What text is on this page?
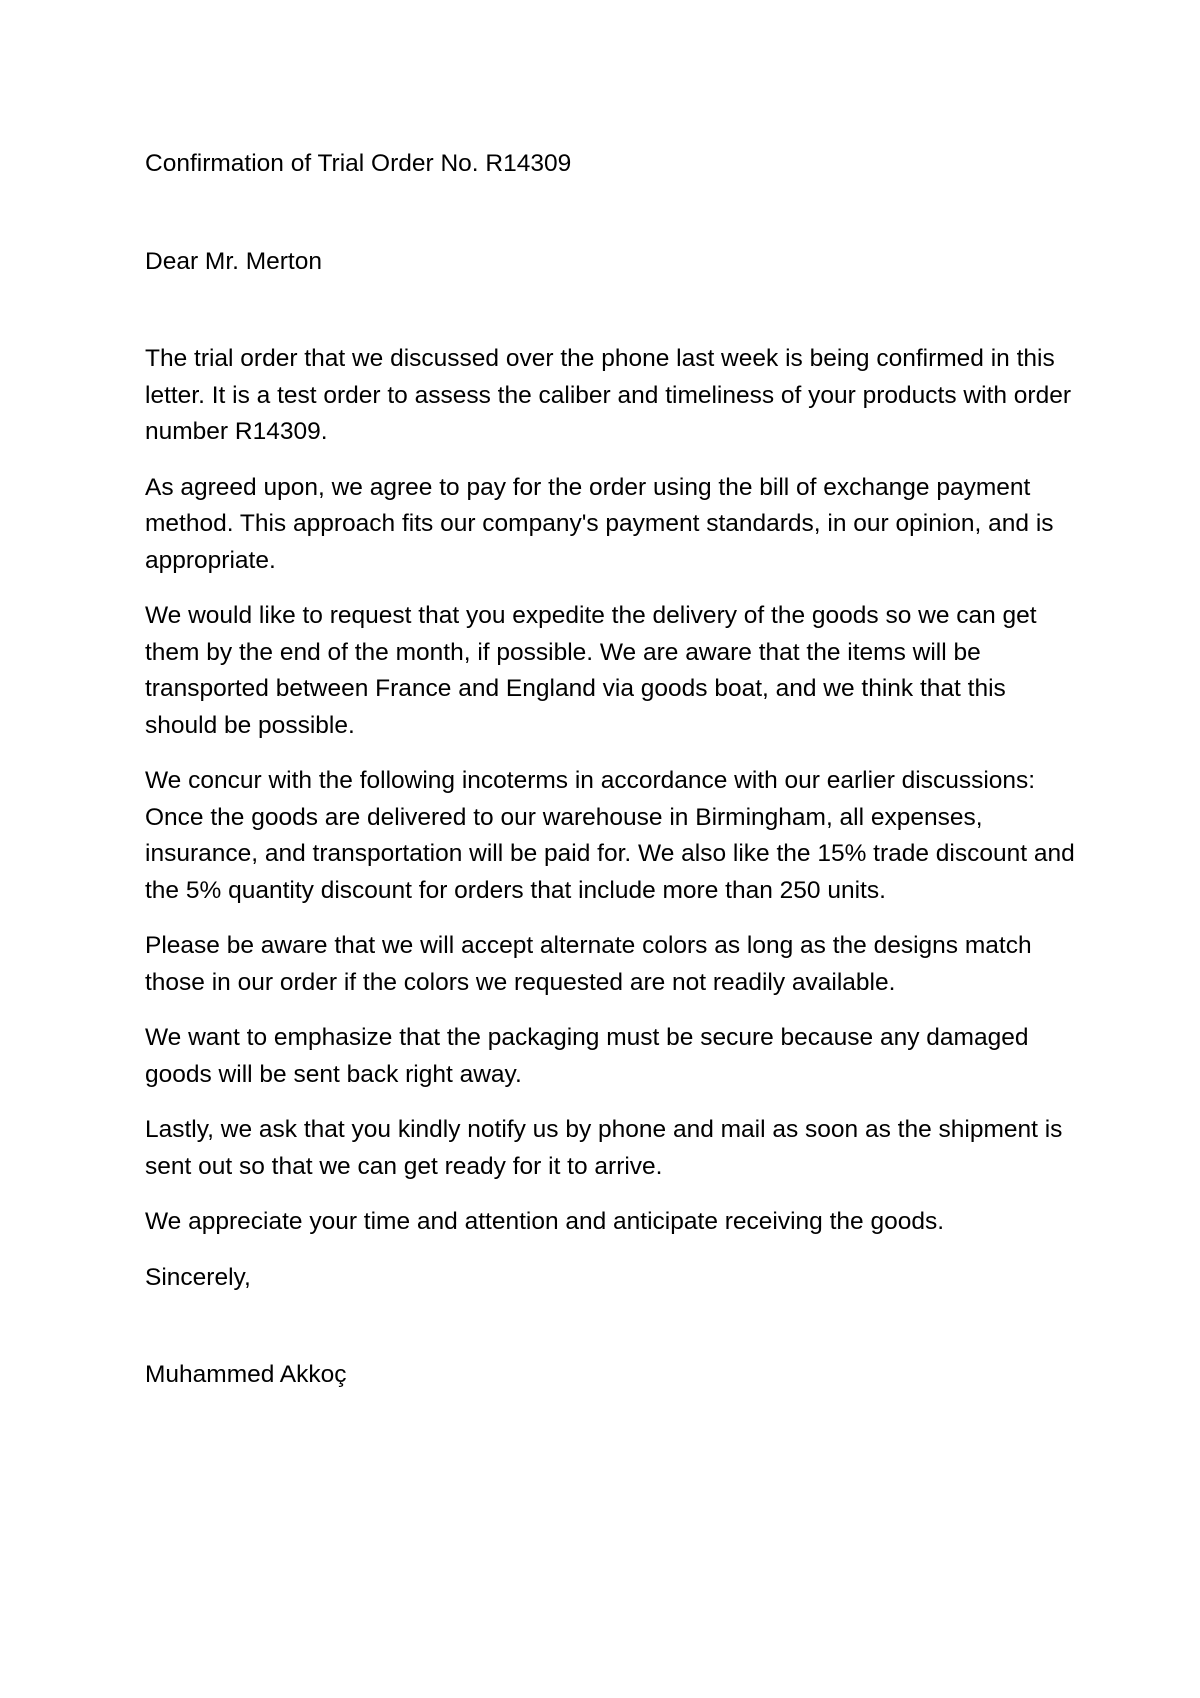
Confirmation of Trial Order No. R14309

Dear Mr. Merton

The trial order that we discussed over the phone last week is being confirmed in this letter. It is a test order to assess the caliber and timeliness of your products with order number R14309.

As agreed upon, we agree to pay for the order using the bill of exchange payment method. This approach fits our company's payment standards, in our opinion, and is appropriate.

We would like to request that you expedite the delivery of the goods so we can get them by the end of the month, if possible. We are aware that the items will be transported between France and England via goods boat, and we think that this should be possible.

We concur with the following incoterms in accordance with our earlier discussions: Once the goods are delivered to our warehouse in Birmingham, all expenses, insurance, and transportation will be paid for. We also like the 15% trade discount and the 5% quantity discount for orders that include more than 250 units.

Please be aware that we will accept alternate colors as long as the designs match those in our order if the colors we requested are not readily available.

We want to emphasize that the packaging must be secure because any damaged goods will be sent back right away.

Lastly, we ask that you kindly notify us by phone and mail as soon as the shipment is sent out so that we can get ready for it to arrive.

We appreciate your time and attention and anticipate receiving the goods.

Sincerely,

Muhammed Akkoç
